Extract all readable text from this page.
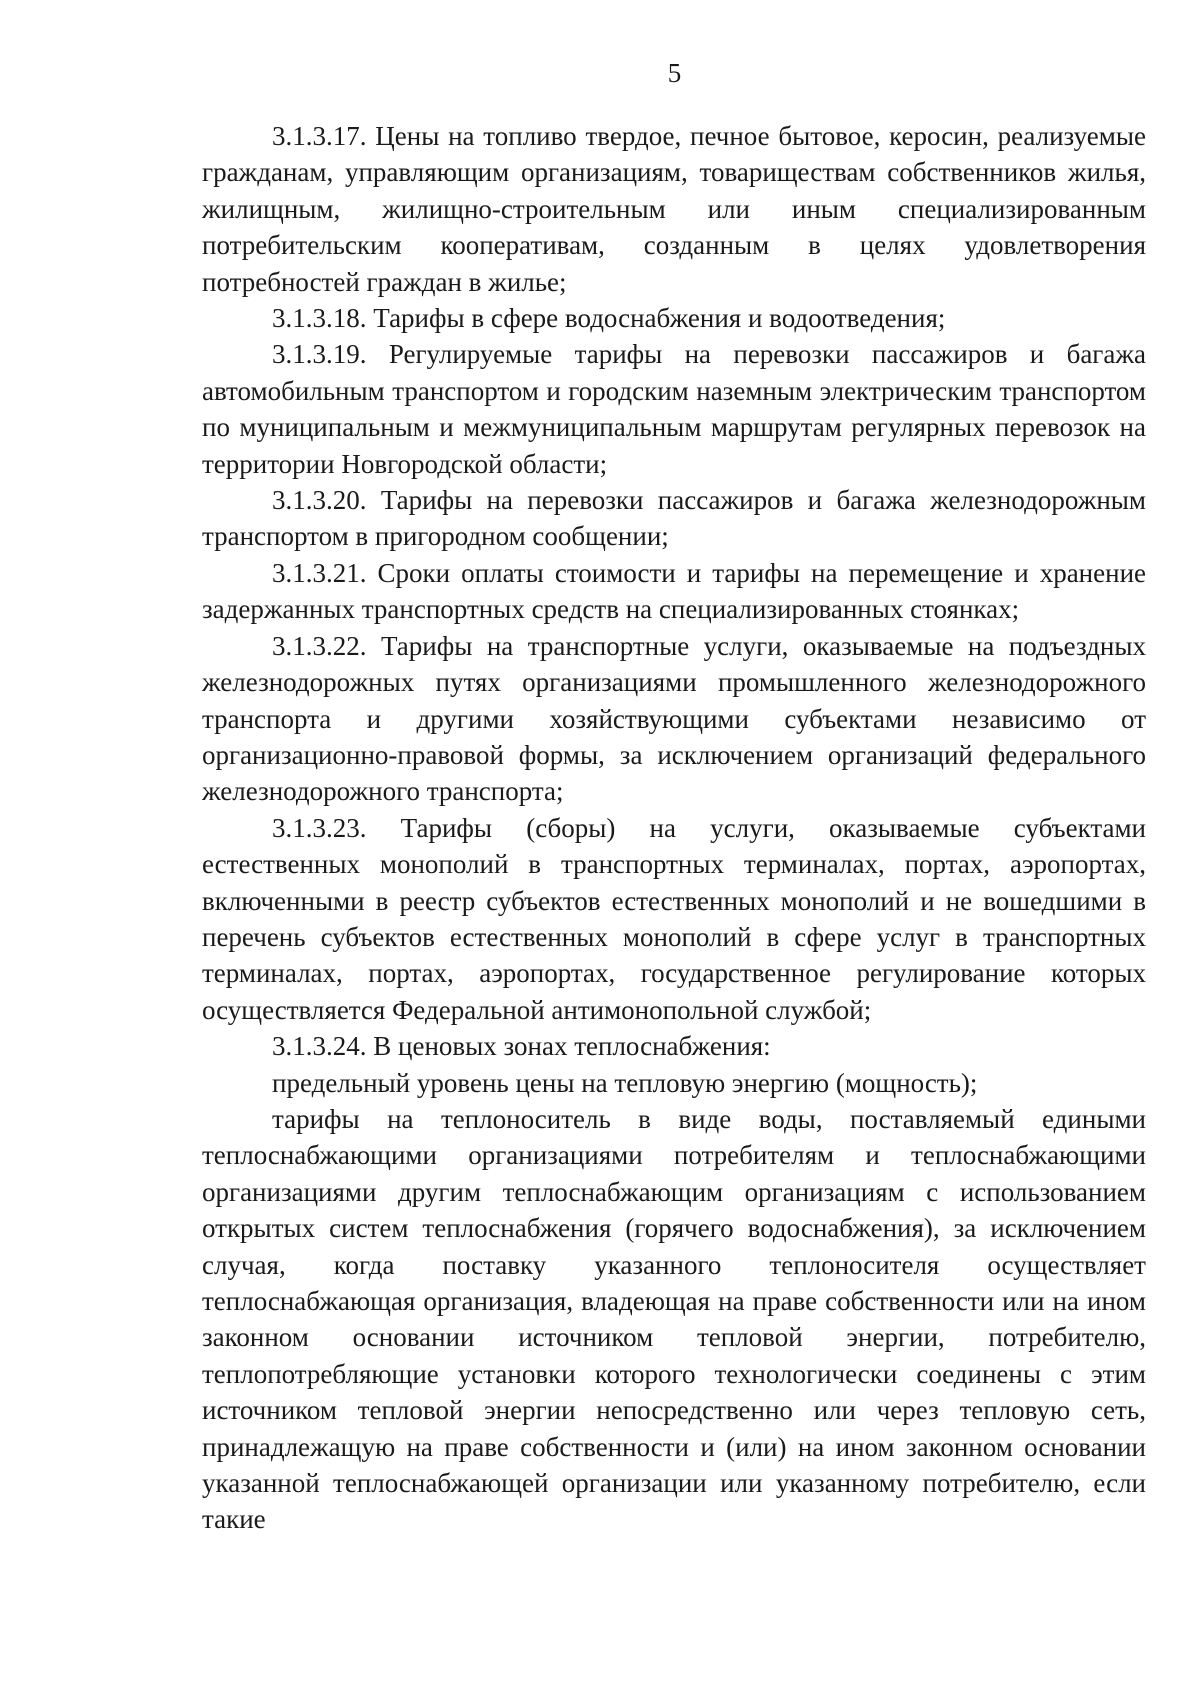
5

3.1.3.17. Цены на топливо твердое, печное бытовое, керосин, реализуемые гражданам, управляющим организациям, товариществам собственников жилья, жилищным, жилищно-строительным или иным специализированным потребительским кооперативам, созданным в целях удовлетворения потребностей граждан в жилье;

3.1.3.18. Тарифы в сфере водоснабжения и водоотведения;

3.1.3.19. Регулируемые тарифы на перевозки пассажиров и багажа автомобильным транспортом и городским наземным электрическим транспортом по муниципальным и межмуниципальным маршрутам регулярных перевозок на территории Новгородской области;

3.1.3.20. Тарифы на перевозки пассажиров и багажа железнодорожным транспортом в пригородном сообщении;

3.1.3.21. Сроки оплаты стоимости и тарифы на перемещение и хранение задержанных транспортных средств на специализированных стоянках;

3.1.3.22. Тарифы на транспортные услуги, оказываемые на подъездных железнодорожных путях организациями промышленного железнодорожного транспорта и другими хозяйствующими субъектами независимо от организационно-правовой формы, за исключением организаций федерального железнодорожного транспорта;

3.1.3.23. Тарифы (сборы) на услуги, оказываемые субъектами естественных монополий в транспортных терминалах, портах, аэропортах, включенными в реестр субъектов естественных монополий и не вошедшими в перечень субъектов естественных монополий в сфере услуг в транспортных терминалах, портах, аэропортах, государственное регулирование которых осуществляется Федеральной антимонопольной службой;

3.1.3.24. В ценовых зонах теплоснабжения:

предельный уровень цены на тепловую энергию (мощность);

тарифы на теплоноситель в виде воды, поставляемый едиными теплоснабжающими организациями потребителям и теплоснабжающими организациями другим теплоснабжающим организациям с использованием открытых систем теплоснабжения (горячего водоснабжения), за исключением случая, когда поставку указанного теплоносителя осуществляет теплоснабжающая организация, владеющая на праве собственности или на ином законном основании источником тепловой энергии, потребителю, теплопотребляющие установки которого технологически соединены с этим источником тепловой энергии непосредственно или через тепловую сеть, принадлежащую на праве собственности и (или) на ином законном основании указанной теплоснабжающей организации или указанному потребителю, если такие
